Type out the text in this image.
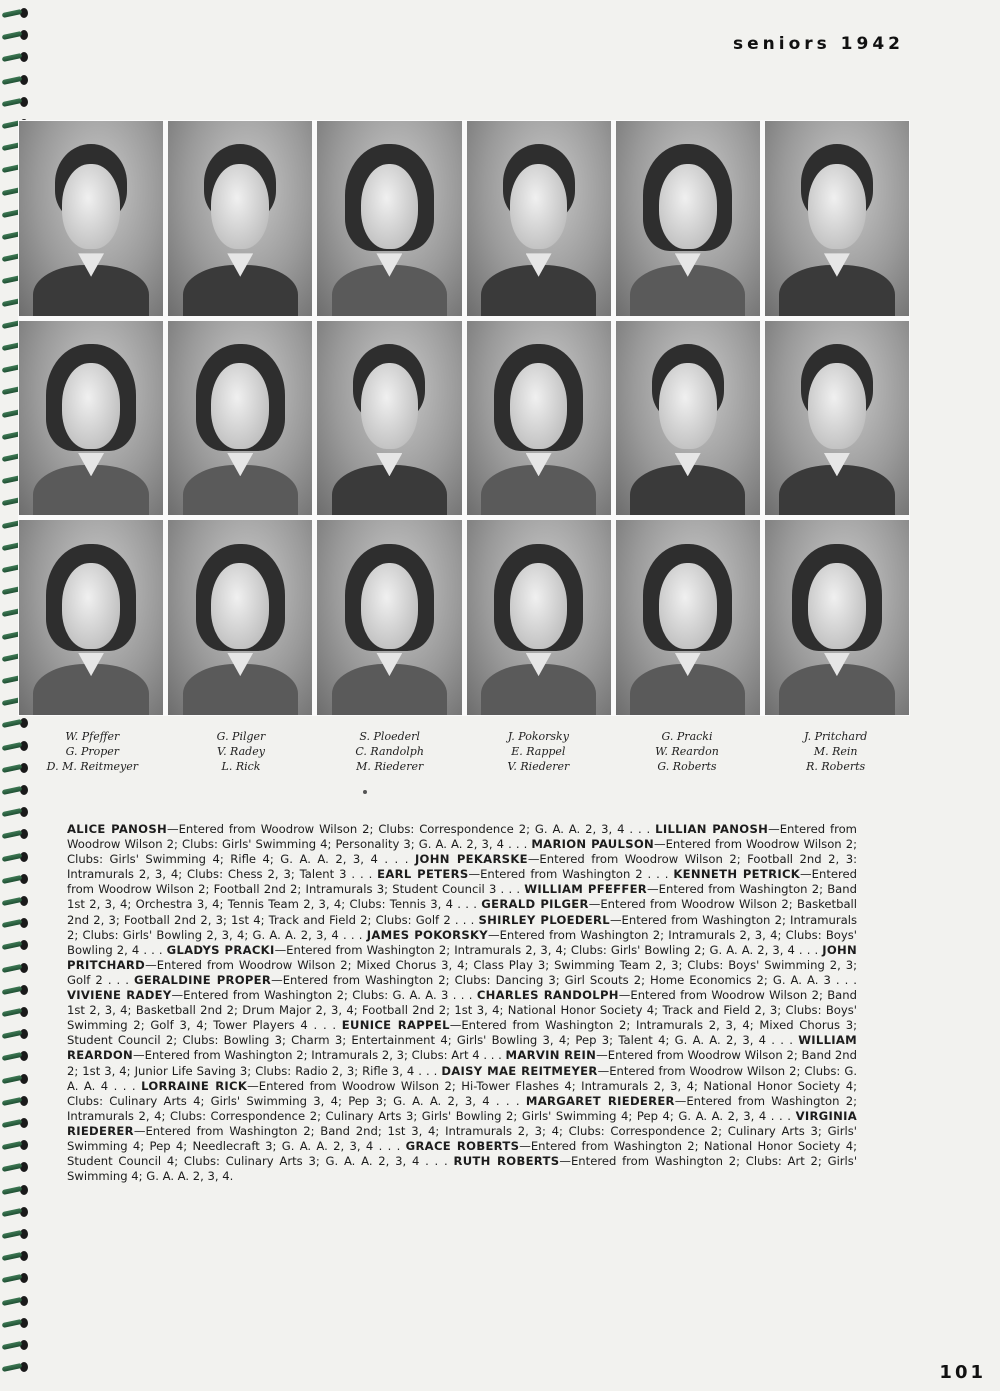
seniors 1942
W. Pfeffer
G. Proper
D. M. Reitmeyer
G. Pilger
V. Radey
L. Rick
S. Ploederl
C. Randolph
M. Riederer
J. Pokorsky
E. Rappel
V. Riederer
G. Pracki
W. Reardon
G. Roberts
J. Pritchard
M. Rein
R. Roberts
ALICE PANOSH—Entered from Woodrow Wilson 2; Clubs: Correspondence 2; G. A. A. 2, 3, 4 . . . LILLIAN PANOSH—Entered from Woodrow Wilson 2; Clubs: Girls' Swimming 4; Personality 3; G. A. A. 2, 3, 4 . . . MARION PAULSON—Entered from Woodrow Wilson 2; Clubs: Girls' Swimming 4; Rifle 4; G. A. A. 2, 3, 4 . . . JOHN PEKARSKE—Entered from Woodrow Wilson 2; Football 2nd 2, 3: Intramurals 2, 3, 4; Clubs: Chess 2, 3; Talent 3 . . . EARL PETERS—Entered from Washington 2 . . . KENNETH PETRICK—Entered from Woodrow Wilson 2; Football 2nd 2; Intramurals 3; Student Council 3 . . . WILLIAM PFEFFER—Entered from Washington 2; Band 1st 2, 3, 4; Orchestra 3, 4; Tennis Team 2, 3, 4; Clubs: Tennis 3, 4 . . . GERALD PILGER—Entered from Woodrow Wilson 2; Basketball 2nd 2, 3; Football 2nd 2, 3; 1st 4; Track and Field 2; Clubs: Golf 2 . . . SHIRLEY PLOEDERL—Entered from Washington 2; Intramurals 2; Clubs: Girls' Bowling 2, 3, 4; G. A. A. 2, 3, 4 . . . JAMES POKORSKY—Entered from Washington 2; Intramurals 2, 3, 4; Clubs: Boys' Bowling 2, 4 . . . GLADYS PRACKI—Entered from Washington 2; Intramurals 2, 3, 4; Clubs: Girls' Bowling 2; G. A. A. 2, 3, 4 . . . JOHN PRITCHARD—Entered from Woodrow Wilson 2; Mixed Chorus 3, 4; Class Play 3; Swimming Team 2, 3; Clubs: Boys' Swimming 2, 3; Golf 2 . . . GERALDINE PROPER—Entered from Washington 2; Clubs: Dancing 3; Girl Scouts 2; Home Economics 2; G. A. A. 3 . . . VIVIENE RADEY—Entered from Washington 2; Clubs: G. A. A. 3 . . . CHARLES RANDOLPH—Entered from Woodrow Wilson 2; Band 1st 2, 3, 4; Basketball 2nd 2; Drum Major 2, 3, 4; Football 2nd 2; 1st 3, 4; National Honor Society 4; Track and Field 2, 3; Clubs: Boys' Swimming 2; Golf 3, 4; Tower Players 4 . . . EUNICE RAPPEL—Entered from Washington 2; Intramurals 2, 3, 4; Mixed Chorus 3; Student Council 2; Clubs: Bowling 3; Charm 3; Entertainment 4; Girls' Bowling 3, 4; Pep 3; Talent 4; G. A. A. 2, 3, 4 . . . WILLIAM REARDON—Entered from Washington 2; Intramurals 2, 3; Clubs: Art 4 . . . MARVIN REIN—Entered from Woodrow Wilson 2; Band 2nd 2; 1st 3, 4; Junior Life Saving 3; Clubs: Radio 2, 3; Rifle 3, 4 . . . DAISY MAE REITMEYER—Entered from Woodrow Wilson 2; Clubs: G. A. A. 4 . . . LORRAINE RICK—Entered from Woodrow Wilson 2; Hi-Tower Flashes 4; Intramurals 2, 3, 4; National Honor Society 4; Clubs: Culinary Arts 4; Girls' Swimming 3, 4; Pep 3; G. A. A. 2, 3, 4 . . . MARGARET RIEDERER—Entered from Washington 2; Intramurals 2, 4; Clubs: Correspondence 2; Culinary Arts 3; Girls' Bowling 2; Girls' Swimming 4; Pep 4; G. A. A. 2, 3, 4 . . . VIRGINIA RIEDERER—Entered from Washington 2; Band 2nd; 1st 3, 4; Intramurals 2, 3; 4; Clubs: Correspondence 2; Culinary Arts 3; Girls' Swimming 4; Pep 4; Needlecraft 3; G. A. A. 2, 3, 4 . . . GRACE ROBERTS—Entered from Washington 2; National Honor Society 4; Student Council 4; Clubs: Culinary Arts 3; G. A. A. 2, 3, 4 . . . RUTH ROBERTS—Entered from Washington 2; Clubs: Art 2; Girls' Swimming 4; G. A. A. 2, 3, 4.
101
